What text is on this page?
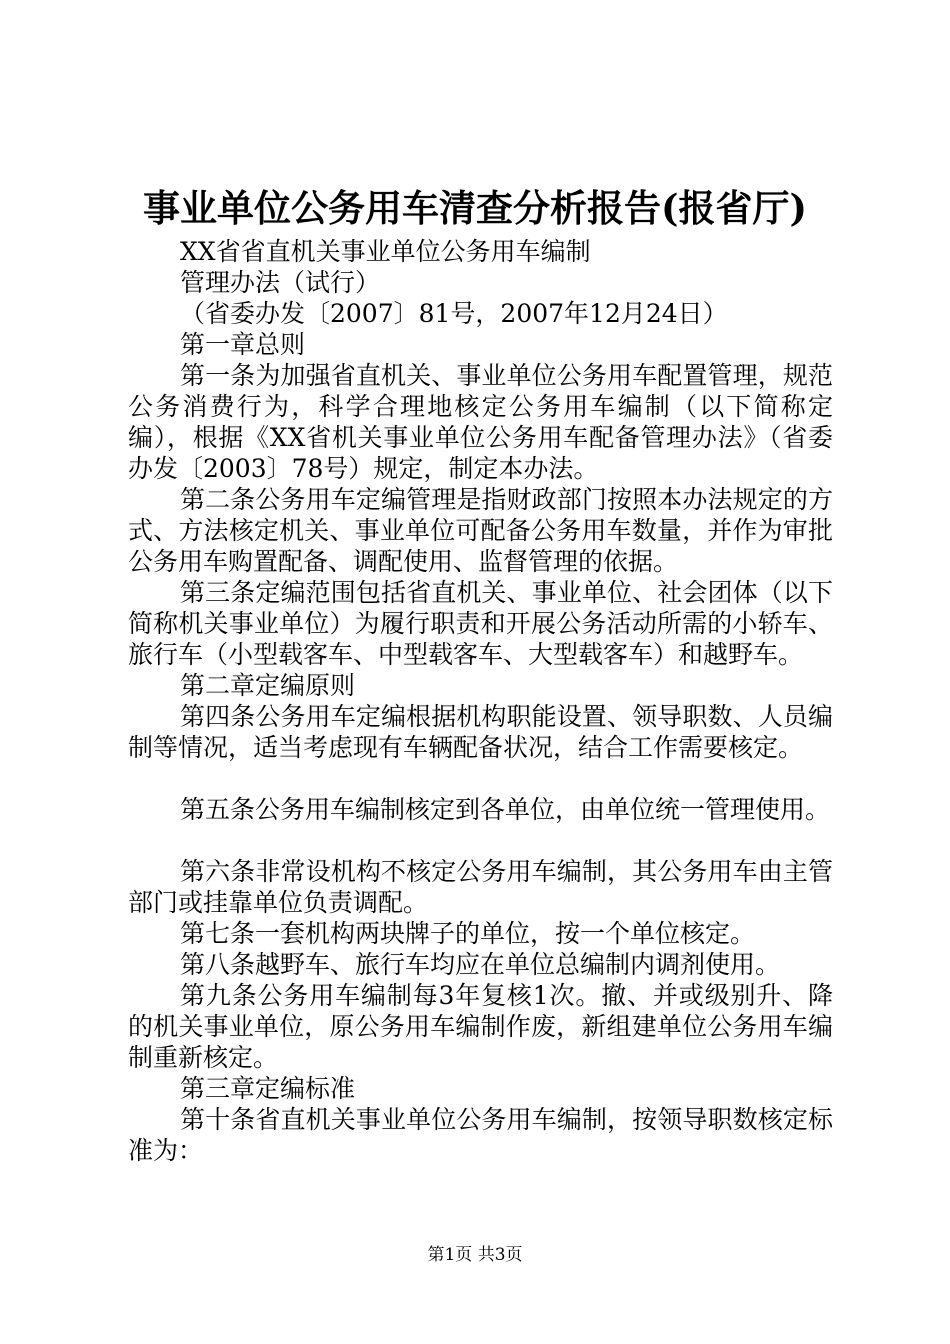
事业单位公务用车清查分析报告(报省厅)
XX省省直机关事业单位公务用车编制
管理办法（试行）
（省委办发〔2007〕81号，2007年12月24日）
第一章总则

第一条为加强省直机关、事业单位公务用车配置管理，规范公务消费行为，科学合理地核定公务用车编制（以下简称定编），根据《XX省机关事业单位公务用车配备管理办法》（省委办发〔2003〕78号）规定，制定本办法。

第二条公务用车定编管理是指财政部门按照本办法规定的方式、方法核定机关、事业单位可配备公务用车数量，并作为审批公务用车购置配备、调配使用、监督管理的依据。

第三条定编范围包括省直机关、事业单位、社会团体（以下简称机关事业单位）为履行职责和开展公务活动所需的小轿车、旅行车（小型载客车、中型载客车、大型载客车）和越野车。

第二章定编原则

第四条公务用车定编根据机构职能设置、领导职数、人员编制等情况，适当考虑现有车辆配备状况，结合工作需要核定。

第五条公务用车编制核定到各单位，由单位统一管理使用。

第六条非常设机构不核定公务用车编制，其公务用车由主管部门或挂靠单位负责调配。

第七条一套机构两块牌子的单位，按一个单位核定。
第八条越野车、旅行车均应在单位总编制内调剂使用。

第九条公务用车编制每3年复核1次。撤、并或级别升、降的机关事业单位，原公务用车编制作废，新组建单位公务用车编制重新核定。

第三章定编标准

第十条省直机关事业单位公务用车编制，按领导职数核定标准为：

第1页 共3页
